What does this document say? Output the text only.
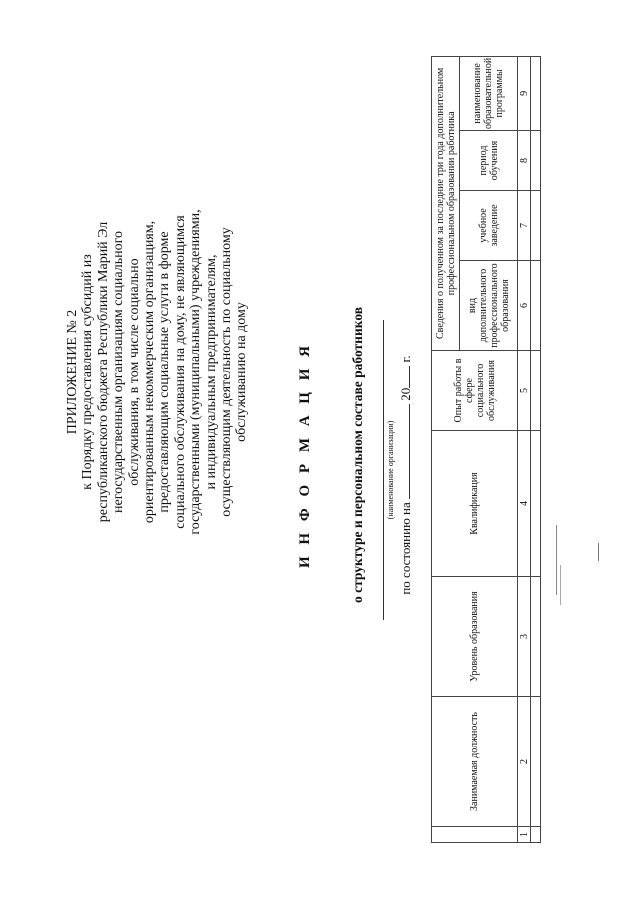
ПРИЛОЖЕНИЕ № 2 к Порядку предоставления субсидий из республиканского бюджета Республики Марий Эл негосударственным организациям социального обслуживания, в том числе социально ориентированным некоммерческим организациям, предоставляющим социальные услуги в форме социального обслуживания на дому, не являющимся государственными (муниципальными) учреждениями, и индивидуальным предпринимателям, осуществляющим деятельность по социальному обслуживанию на дому	И Н Ф О Р М А Ц И Я	о структуре и персональном составе работников	(наименование организации)
по состоянию на  20 г.
	Занимаемая должность	Уровень образования	Квалификация	Опыт работы в сфере социального обслуживания	Сведения о полученном за последние три года дополнительном профессиональном образовании работника			
					вид дополнительного профессионального образования	учебное заведение	период обучения	наименование образовательной программы
1	2	3	4	5	6	7	8	9
